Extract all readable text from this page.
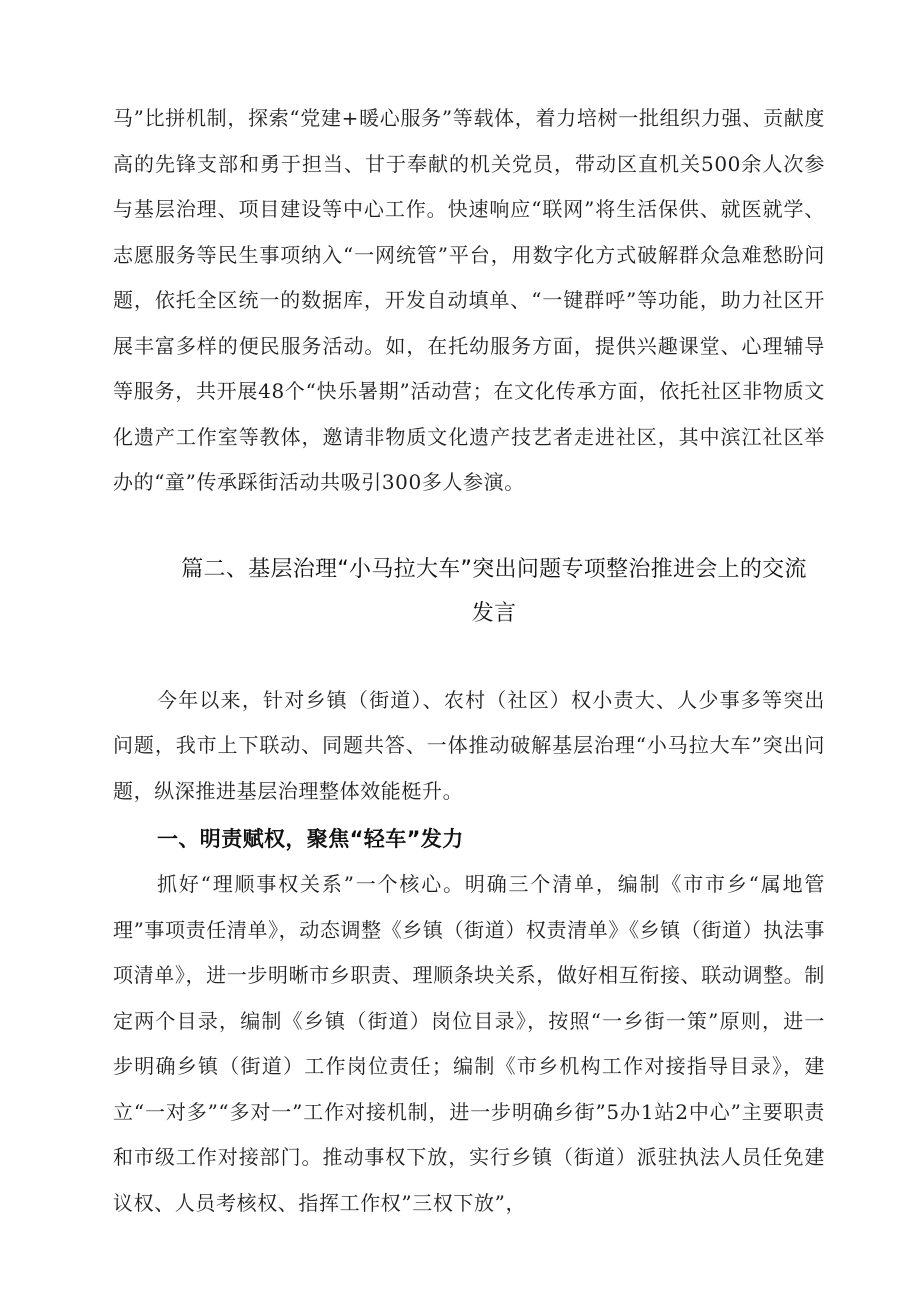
马”比拼机制，探索“党建+暖心服务”等载体，着力培树一批组织力强、贡献度高的先锋支部和勇于担当、甘于奉献的机关党员，带动区直机关500余人次参与基层治理、项目建设等中心工作。快速响应“联网”将生活保供、就医就学、志愿服务等民生事项纳入“一网统管”平台，用数字化方式破解群众急难愁盼问题，依托全区统一的数据库，开发自动填单、“一键群呼”等功能，助力社区开展丰富多样的便民服务活动。如，在托幼服务方面，提供兴趣课堂、心理辅导等服务，共开展48个“快乐暑期”活动营；在文化传承方面，依托社区非物质文化遗产工作室等教体，邀请非物质文化遗产技艺者走进社区，其中滨江社区举办的“童”传承踩街活动共吸引300多人参演。

篇二、基层治理“小马拉大车”突出问题专项整治推进会上的交流

发言

今年以来，针对乡镇（街道）、农村（社区）权小责大、人少事多等突出问题，我市上下联动、同题共答、一体推动破解基层治理“小马拉大车”突出问题，纵深推进基层治理整体效能梃升。

一、明责赋权，聚焦“轻车”发力

抓好“理顺事权关系”一个核心。明确三个清单，编制《市市乡“属地管理”事项责任清单》，动态调整《乡镇（街道）权责清单》《乡镇（街道）执法事项清单》，进一步明晰市乡职责、理顺条块关系，做好相互衔接、联动调整。制定两个目录，编制《乡镇（街道）岗位目录》，按照“一乡街一策”原则，进一步明确乡镇（街道）工作岗位责任；编制《市乡机构工作对接指导目录》，建立“一对多”“多对一”工作对接机制，进一步明确乡街”5办1站2中心”主要职责和市级工作对接部门。推动事权下放，实行乡镇（街道）派驻执法人员任免建议权、人员考核权、指挥工作权”三权下放”，
